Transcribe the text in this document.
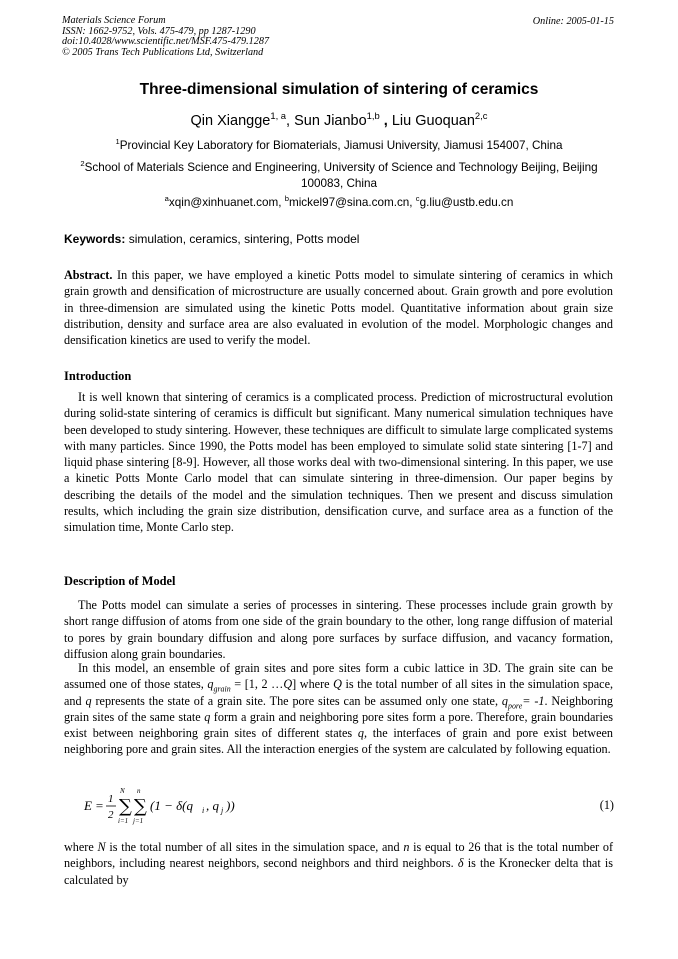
Materials Science Forum
ISSN: 1662-9752, Vols. 475-479, pp 1287-1290
doi:10.4028/www.scientific.net/MSF.475-479.1287
© 2005 Trans Tech Publications Ltd, Switzerland
Online: 2005-01-15
Three-dimensional simulation of sintering of ceramics
Qin Xiangge$^{1, a}$, Sun Jianbo$^{1,b}$ , Liu Guoquan$^{2,c}$
$^1$Provincial Key Laboratory for Biomaterials, Jiamusi University, Jiamusi 154007, China
$^2$School of Materials Science and Engineering, University of Science and Technology Beijing, Beijing 100083, China
$^a$xqin@xinhuanet.com, $^b$mickel97@sina.com.cn, $^c$g.liu@ustb.edu.cn
Keywords: simulation, ceramics, sintering, Potts model
Abstract. In this paper, we have employed a kinetic Potts model to simulate sintering of ceramics in which grain growth and densification of microstructure are usually concerned about. Grain growth and pore evolution in three-dimension are simulated using the kinetic Potts model. Quantitative information about grain size distribution, density and surface area are also evaluated in evolution of the model. Morphologic changes and densification kinetics are used to verify the model.
Introduction
It is well known that sintering of ceramics is a complicated process. Prediction of microstructural evolution during solid-state sintering of ceramics is difficult but significant. Many numerical simulation techniques have been developed to study sintering. However, these techniques are difficult to simulate large complicated systems with many particles. Since 1990, the Potts model has been employed to simulate solid state sintering [1-7] and liquid phase sintering [8-9]. However, all those works deal with two-dimensional sintering. In this paper, we use a kinetic Potts Monte Carlo model that can simulate sintering in three-dimension. Our paper begins by describing the details of the model and the simulation techniques. Then we present and discuss simulation results, which including the grain size distribution, densification curve, and surface area as a function of the simulation time, Monte Carlo step.
Description of Model
The Potts model can simulate a series of processes in sintering. These processes include grain growth by short range diffusion of atoms from one side of the grain boundary to the other, long range diffusion of material to pores by grain boundary diffusion and along pore surfaces by surface diffusion, and vacancy formation, diffusion along grain boundaries.
In this model, an ensemble of grain sites and pore sites form a cubic lattice in 3D. The grain site can be assumed one of those states, $q_{grain} = [1$, 2 …Q] where Q is the total number of all sites in the simulation space, and q represents the state of a grain site. The pore sites can be assumed only one state, $q_{pore}= -1$. Neighboring grain sites of the same state q form a grain and neighboring pore sites form a pore. Therefore, grain boundaries exist between neighboring grain sites of different states q, the interfaces of grain and pore exist between neighboring pore and grain sites. All the interaction energies of the system are calculated by following equation.
E = 1
2
N
∑
i=1
n
∑
j=1
(1 − δ(q i , q j ))	(1)
where N is the total number of all sites in the simulation space, and n is equal to 26 that is the total number of neighbors, including nearest neighbors, second neighbors and third neighbors. δ is the Kronecker delta that is calculated by
